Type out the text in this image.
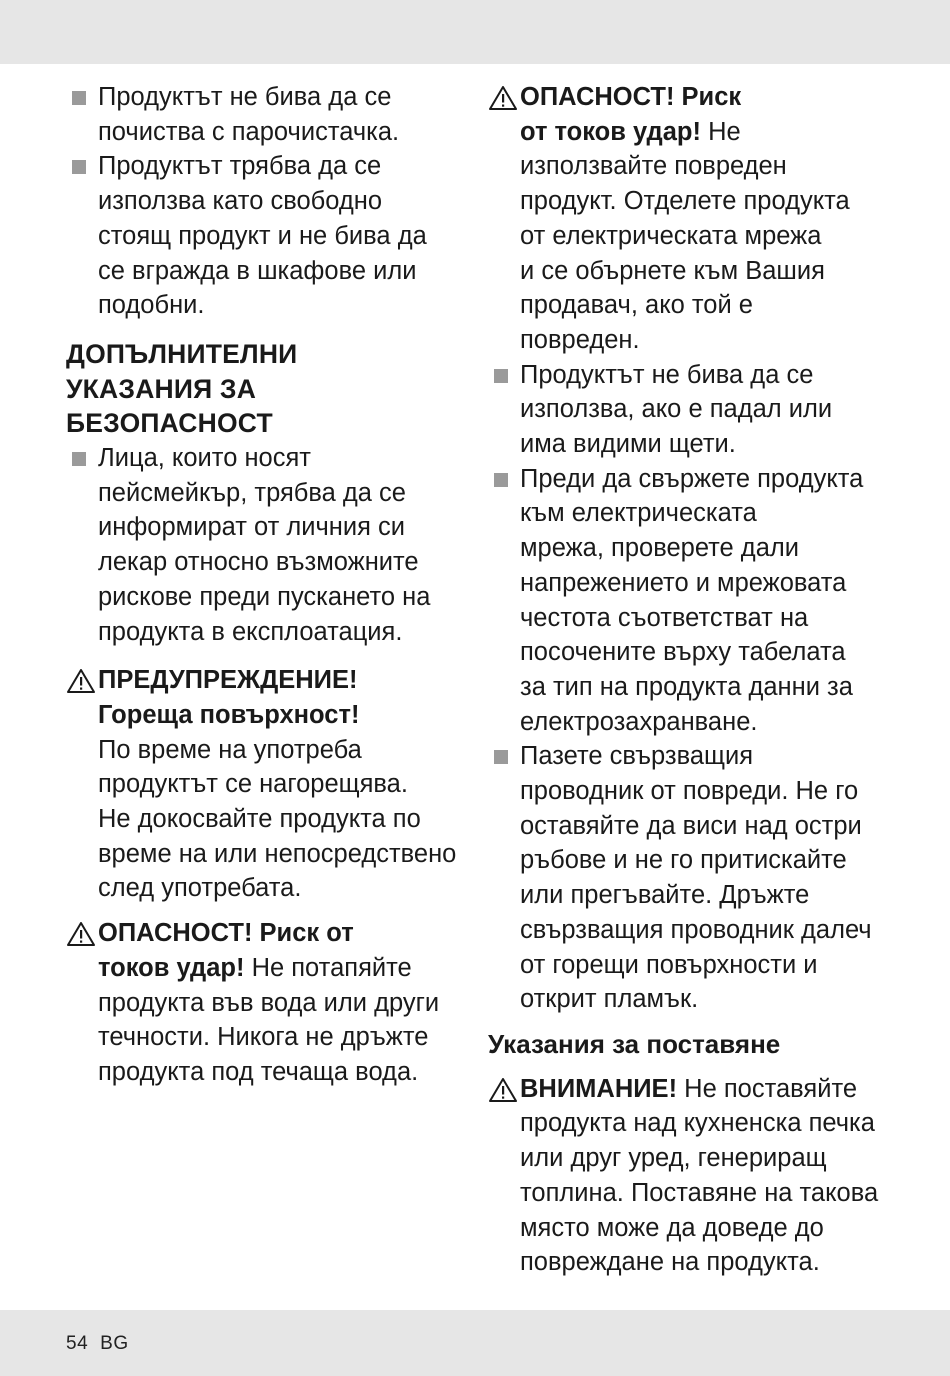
Продуктът не бива да се
почиства с парочистачка.
Продуктът трябва да се
използва като свободно
стоящ продукт и не бива да
се вгражда в шкафове или
подобни.
ДОПЪЛНИТЕЛНИ
УКАЗАНИЯ ЗА
БЕЗОПАСНОСТ
Лица, които носят
пейсмейкър, трябва да се
информират от личния си
лекар относно възможните
рискове преди пускането на
продукта в експлоатация.
ПРЕДУПРЕЖДЕНИЕ!
Гореща повърхност!
По време на употреба
продуктът се нагорещява.
Не докосвайте продукта по
време на или непосредствено
след употребата.
ОПАСНОСТ! Риск от
токов удар! Не потапяйте
продукта във вода или други
течности. Никога не дръжте
продукта под течаща вода.
ОПАСНОСТ! Риск
от токов удар! Не
използвайте повреден
продукт. Отделете продукта
от електрическата мрежа
и се обърнете към Вашия
продавач, ако той е
повреден.
Продуктът не бива да се
използва, ако е падал или
има видими щети.
Преди да свържете продукта
към електрическата
мрежа, проверете дали
напрежението и мрежовата
честота съответстват на
посочените върху табелата
за тип на продукта данни за
електрозахранване.
Пазете свързващия
проводник от повреди. Не го
оставяйте да виси над остри
ръбове и не го притискайте
или прегъвайте. Дръжте
свързващия проводник далеч
от горещи повърхности и
открит пламък.
Указания за поставяне
ВНИМАНИЕ! Не поставяйте
продукта над кухненска печка
или друг уред, генериращ
топлина. Поставяне на такова
място може да доведе до
повреждане на продукта.
54 BG
